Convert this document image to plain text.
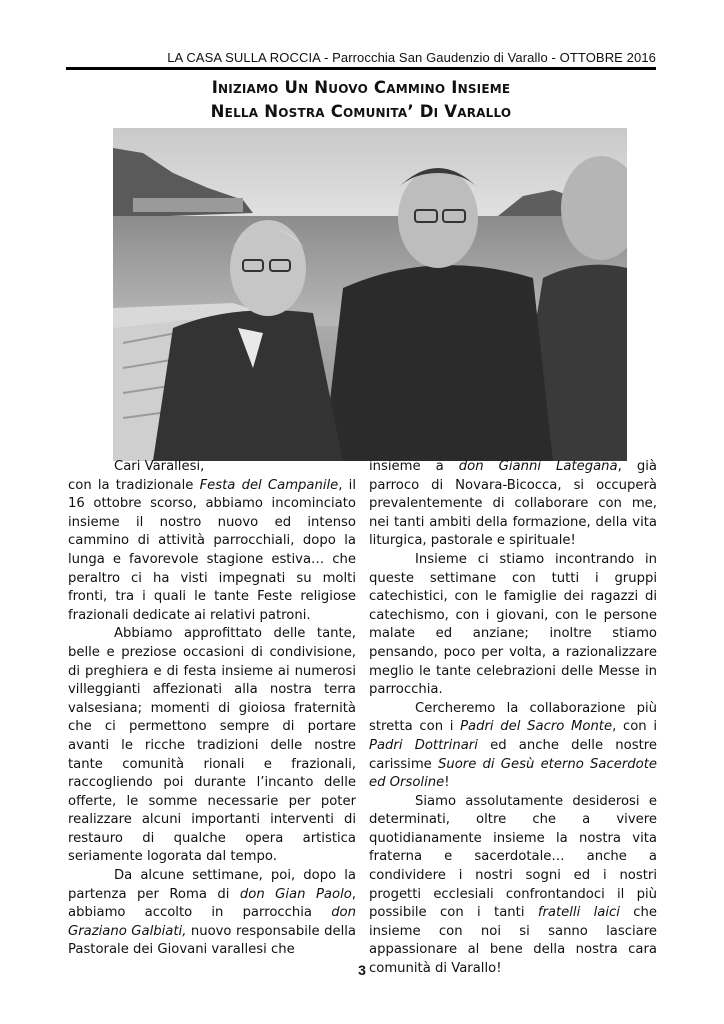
LA CASA SULLA ROCCIA - Parrocchia San Gaudenzio di Varallo - OTTOBRE 2016
Iniziamo Un Nuovo Cammino Insieme
Nella Nostra Comunita’ Di Varallo

Cari Varallesi,

con la tradizionale Festa del Campanile, il 16 ottobre scorso, abbiamo incominciato insieme il nostro nuovo ed intenso cammino di attività parrocchiali, dopo la lunga e favorevole stagione estiva… che peraltro ci ha visti impegnati su molti fronti, tra i quali le tante Feste religiose frazionali dedicate ai relativi patroni.

Abbiamo approfittato delle tante, belle e preziose occasioni di condivisione, di preghiera e di festa insieme ai numerosi villeggianti affezionati alla nostra terra valsesiana; momenti di gioiosa fraternità che ci permettono sempre di portare avanti le ricche tradizioni delle nostre tante comunità rionali e frazionali, raccogliendo poi durante l’incanto delle offerte, le somme necessarie per poter realizzare alcuni importanti interventi di restauro di qualche opera artistica seriamente logorata dal tempo.

Da alcune settimane, poi, dopo la partenza per Roma di don Gian Paolo, abbiamo accolto in parrocchia don Graziano Galbiati, nuovo responsabile della Pastorale dei Giovani varallesi che

insieme a don Gianni Lategana, già parroco di Novara-Bicocca, si occuperà prevalentemente di collaborare con me, nei tanti ambiti della formazione, della vita liturgica, pastorale e spirituale!

Insieme ci stiamo incontrando in queste settimane con tutti i gruppi catechistici, con le famiglie dei ragazzi di catechismo, con i giovani, con le persone malate ed anziane; inoltre stiamo pensando, poco per volta, a razionalizzare meglio le tante celebrazioni delle Messe in parrocchia.

Cercheremo la collaborazione più stretta con i Padri del Sacro Monte, con i Padri Dottrinari ed anche delle nostre carissime Suore di Gesù eterno Sacerdote ed Orsoline!

Siamo assolutamente desiderosi e determinati, oltre che a vivere quotidianamente insieme la nostra vita fraterna e sacerdotale… anche a condividere i nostri sogni ed i nostri progetti ecclesiali confrontandoci il più possibile con i tanti fratelli laici che insieme con noi si sanno lasciare appassionare al bene della nostra cara comunità di Varallo!

3
